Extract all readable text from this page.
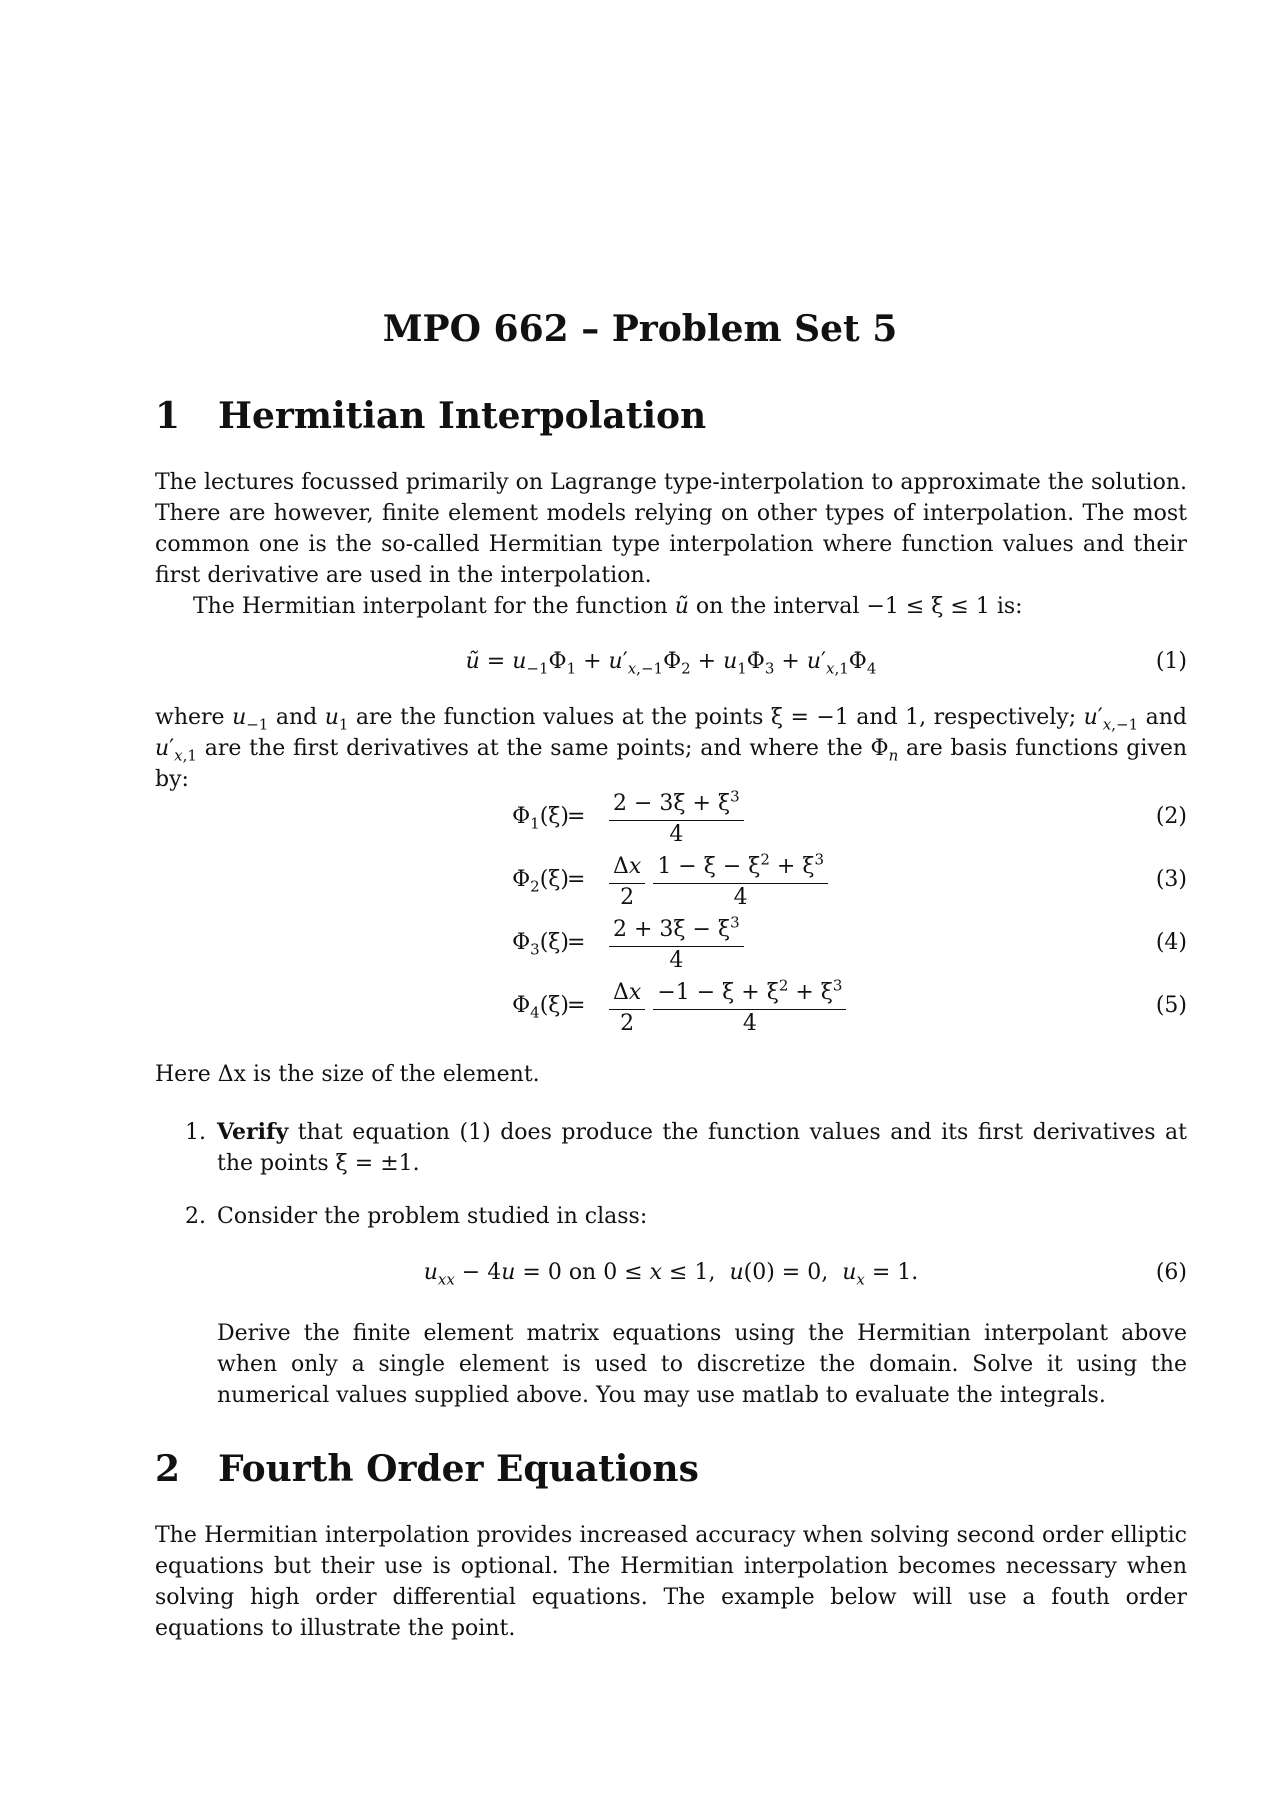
MPO 662 – Problem Set 5
1 Hermitian Interpolation
The lectures focussed primarily on Lagrange type-interpolation to approximate the solution. There are however, finite element models relying on other types of interpolation. The most common one is the so-called Hermitian type interpolation where function values and their first derivative are used in the interpolation.
The Hermitian interpolant for the function ũ on the interval −1 ≤ ξ ≤ 1 is:
ũ = $u_{-1}\Phi_1 + u'_{x,-1}\Phi_2 + u_1\Phi_3 + u'_{x,1}\Phi_4$	(1)
where $u_{-1}$ and $u_1$ are the function values at the points ξ = −1 and 1, respectively; $u'_{x,-1}$ and $u'_{x,1}$ are the first derivatives at the same points; and where the $\Phi_n$ are basis functions given by:
$\Phi_1(\xi)$
= $\frac{2 - 3\xi + \xi^3}{4}$	(2)
$\Phi_2(\xi)$
= $\frac{\Delta x}{2} \frac{1 - \xi - \xi^2 + \xi^3}{4}$	(3)
$\Phi_3(\xi)$
= $\frac{2 + 3\xi - \xi^3}{4}$	(4)
$\Phi_4(\xi)$
= $\frac{\Delta x}{2} \frac{-1 - \xi + \xi^2 + \xi^3}{4}$	(5)
Here Δx is the size of the element.
1. Verify that equation (1) does produce the function values and its first derivatives at the points ξ = ±1.
2. Consider the problem studied in class:
$u_{xx} - 4u = 0$ on 0 ≤ x ≤ 1,  u(0) = 0,  $u_x = 1$.	(6)
Derive the finite element matrix equations using the Hermitian interpolant above when only a single element is used to discretize the domain. Solve it using the numerical values supplied above. You may use matlab to evaluate the integrals.
2 Fourth Order Equations
The Hermitian interpolation provides increased accuracy when solving second order elliptic equations but their use is optional. The Hermitian interpolation becomes necessary when solving high order differential equations. The example below will use a fouth order equations to illustrate the point.
